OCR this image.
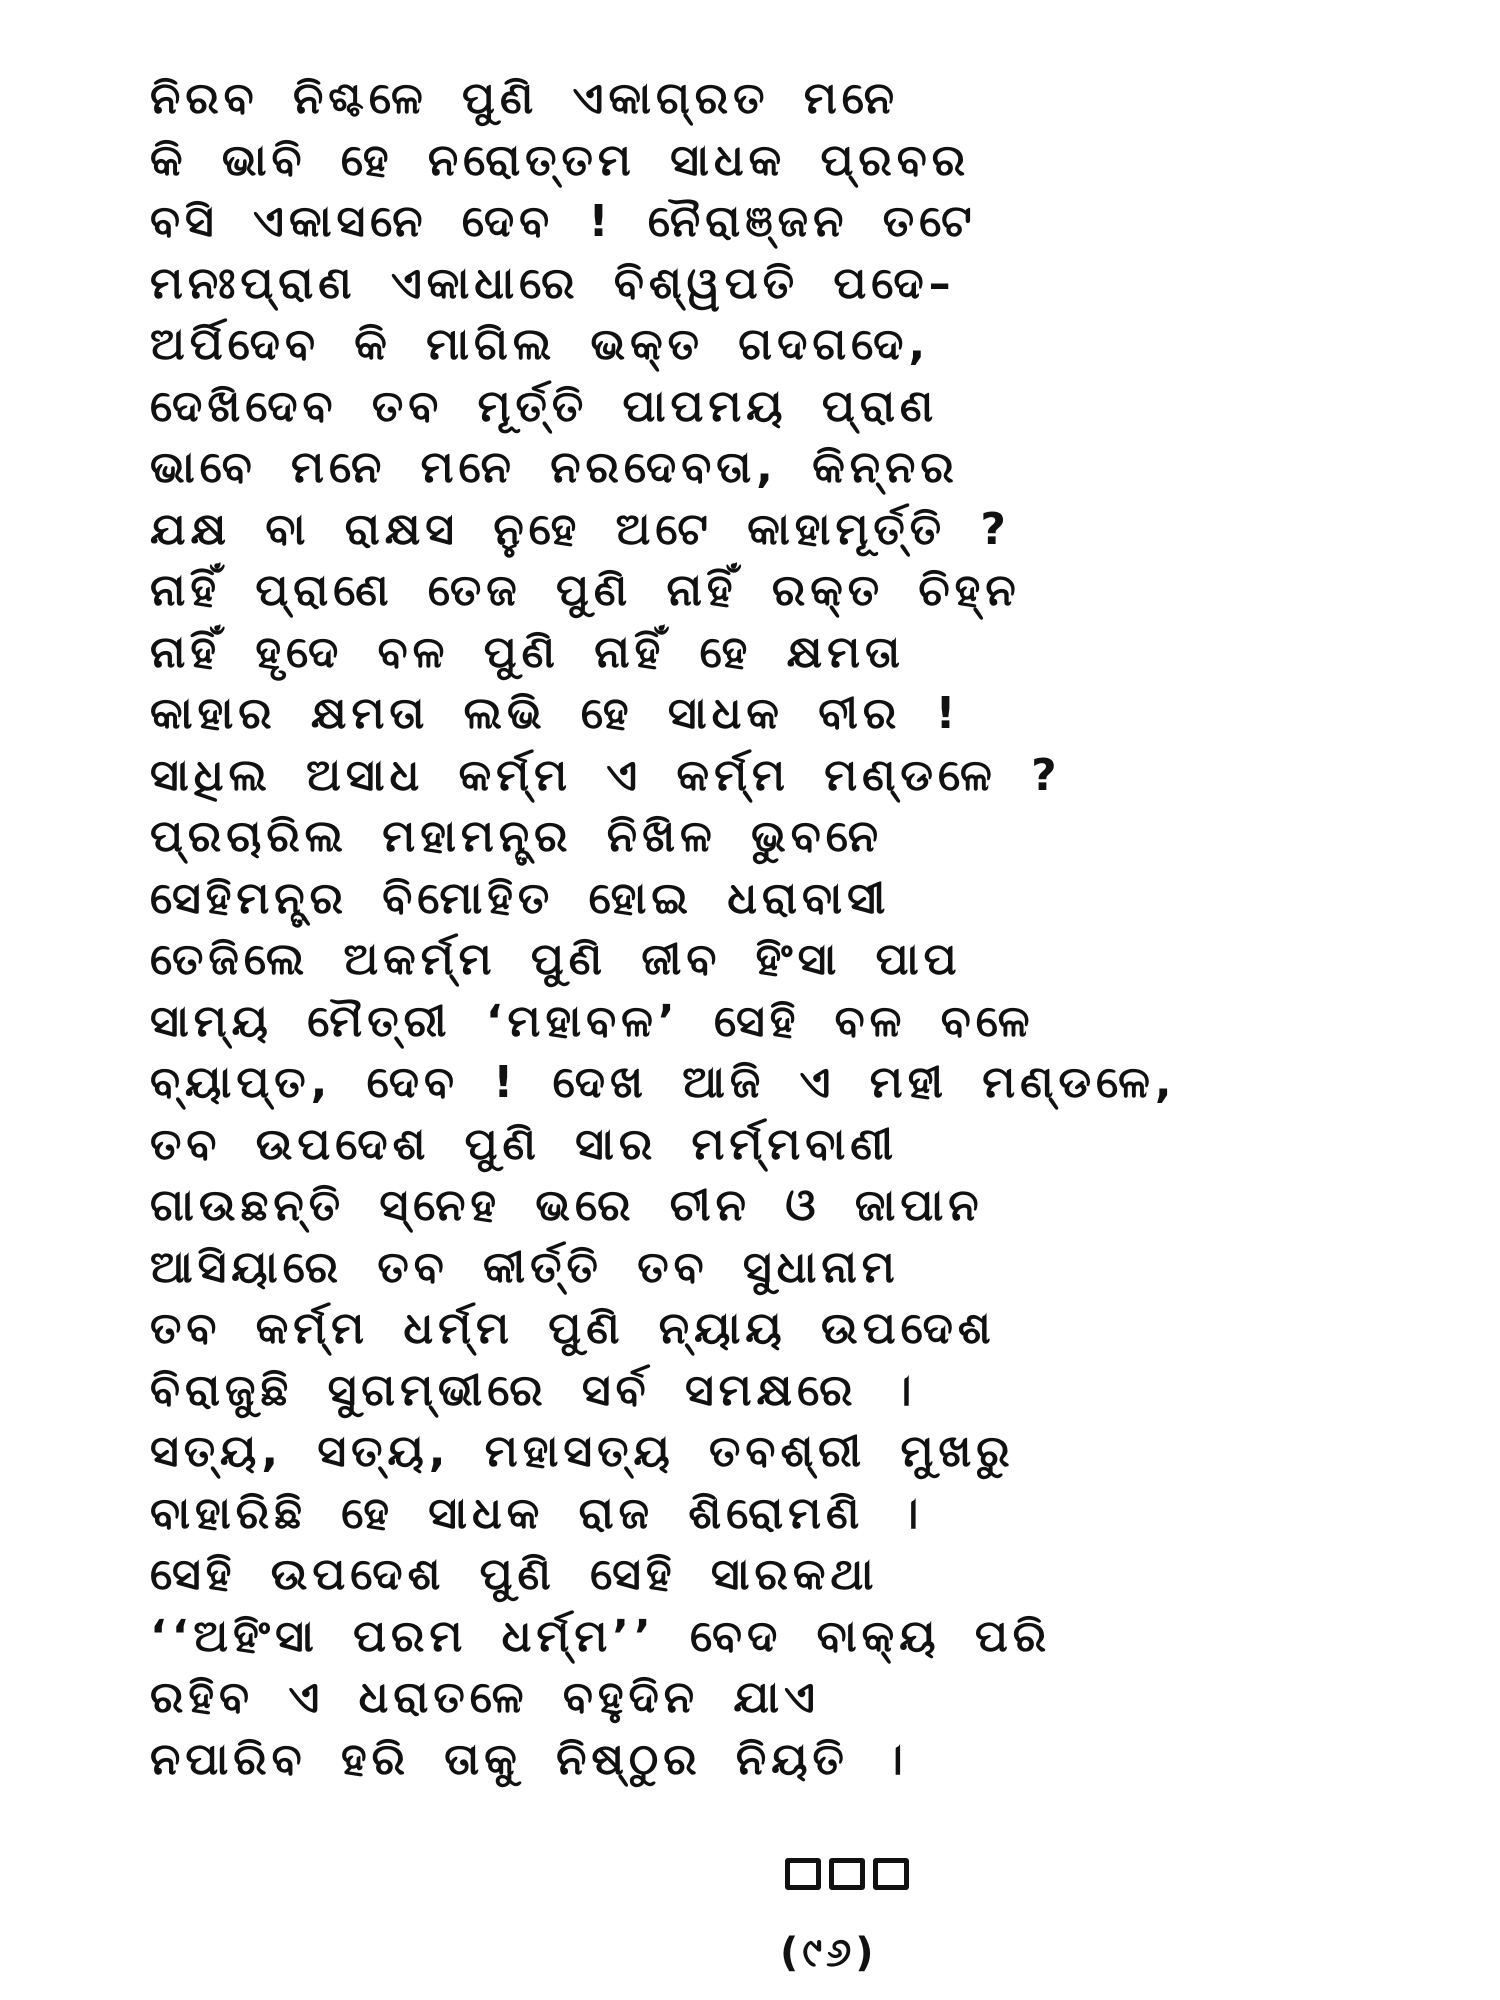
ନିରବ ନିଶ୍ଚଳେ ପୁଣି ଏକାଗ୍ରତ ମନେ
କି ଭାବି ହେ ନରୋତ୍ତମ ସାଧକ ପ୍ରବର
ବସି ଏକାସନେ ଦେବ ! ନୈରାଞ୍ଜନ ତଟେ
ମନଃପ୍ରାଣ ଏକାଧାରେ ବିଶ୍ୱପତି ପଦେ–
ଅର୍ପିଦେବ କି ମାଗିଲ ଭକ୍ତ ଗଦଗଦେ,
ଦେଖିଦେବ ତବ ମୂର୍ତ୍ତି ପାପମୟ ପ୍ରାଣ
ଭାବେ ମନେ ମନେ ନରଦେବତା, କିନ୍ନର
ଯକ୍ଷ ବା ରାକ୍ଷସ ନୁହେ ଅଟେ କାହାମୂର୍ତ୍ତି ?
ନାହିଁ ପ୍ରାଣେ ତେଜ ପୁଣି ନାହିଁ ରକ୍ତ ଚିହ୍ନ
ନାହିଁ ହୃଦେ ବଳ ପୁଣି ନାହିଁ ହେ କ୍ଷମତା
କାହାର କ୍ଷମତା ଲଭି ହେ ସାଧକ ବୀର !
ସାଧିଲ ଅସାଧ କର୍ମ୍ମ ଏ କର୍ମ୍ମ ମଣ୍ଡଳେ ?
ପ୍ରଚାରିଲ ମହାମନ୍ତ୍ର ନିଖିଳ ଭୁବନେ
ସେହିମନ୍ତ୍ର ବିମୋହିତ ହୋଇ ଧରାବାସୀ
ତେଜିଲେ ଅକର୍ମ୍ମ ପୁଣି ଜୀବ ହିଂସା ପାପ
ସାମ୍ୟ ମୈତ୍ରୀ ‘ମହାବଳ’ ସେହି ବଳ ବଳେ
ବ୍ୟାପ୍ତ, ଦେବ ! ଦେଖ ଆଜି ଏ ମହୀ ମଣ୍ଡଳେ,
ତବ ଉପଦେଶ ପୁଣି ସାର ମର୍ମ୍ମବାଣୀ
ଗାଉଛନ୍ତି ସ୍ନେହ ଭରେ ଚୀନ ଓ ଜାପାନ
ଆସିୟାରେ ତବ କୀର୍ତ୍ତି ତବ ସୁଧାନାମ
ତବ କର୍ମ୍ମ ଧର୍ମ୍ମ ପୁଣି ନ୍ୟାୟ ଉପଦେଶ
ବିରାଜୁଛି ସୁଗମ୍ଭୀରେ ସର୍ବ ସମକ୍ଷରେ ।
ସତ୍ୟ, ସତ୍ୟ, ମହାସତ୍ୟ ତବଶ୍ରୀ ମୁଖରୁ
ବାହାରିଛି ହେ ସାଧକ ରାଜ ଶିରୋମଣି ।
ସେହି ଉପଦେଶ ପୁଣି ସେହି ସାରକଥା
‘‘ଅହିଂସା ପରମ ଧର୍ମ୍ମ’’ ବେଦ ବାକ୍ୟ ପରି
ରହିବ ଏ ଧରାତଳେ ବହୁଦିନ ଯାଏ
ନପାରିବ ହରି ତାକୁ ନିଷ୍ଠୁର ନିୟତି ।
(୯୬)
